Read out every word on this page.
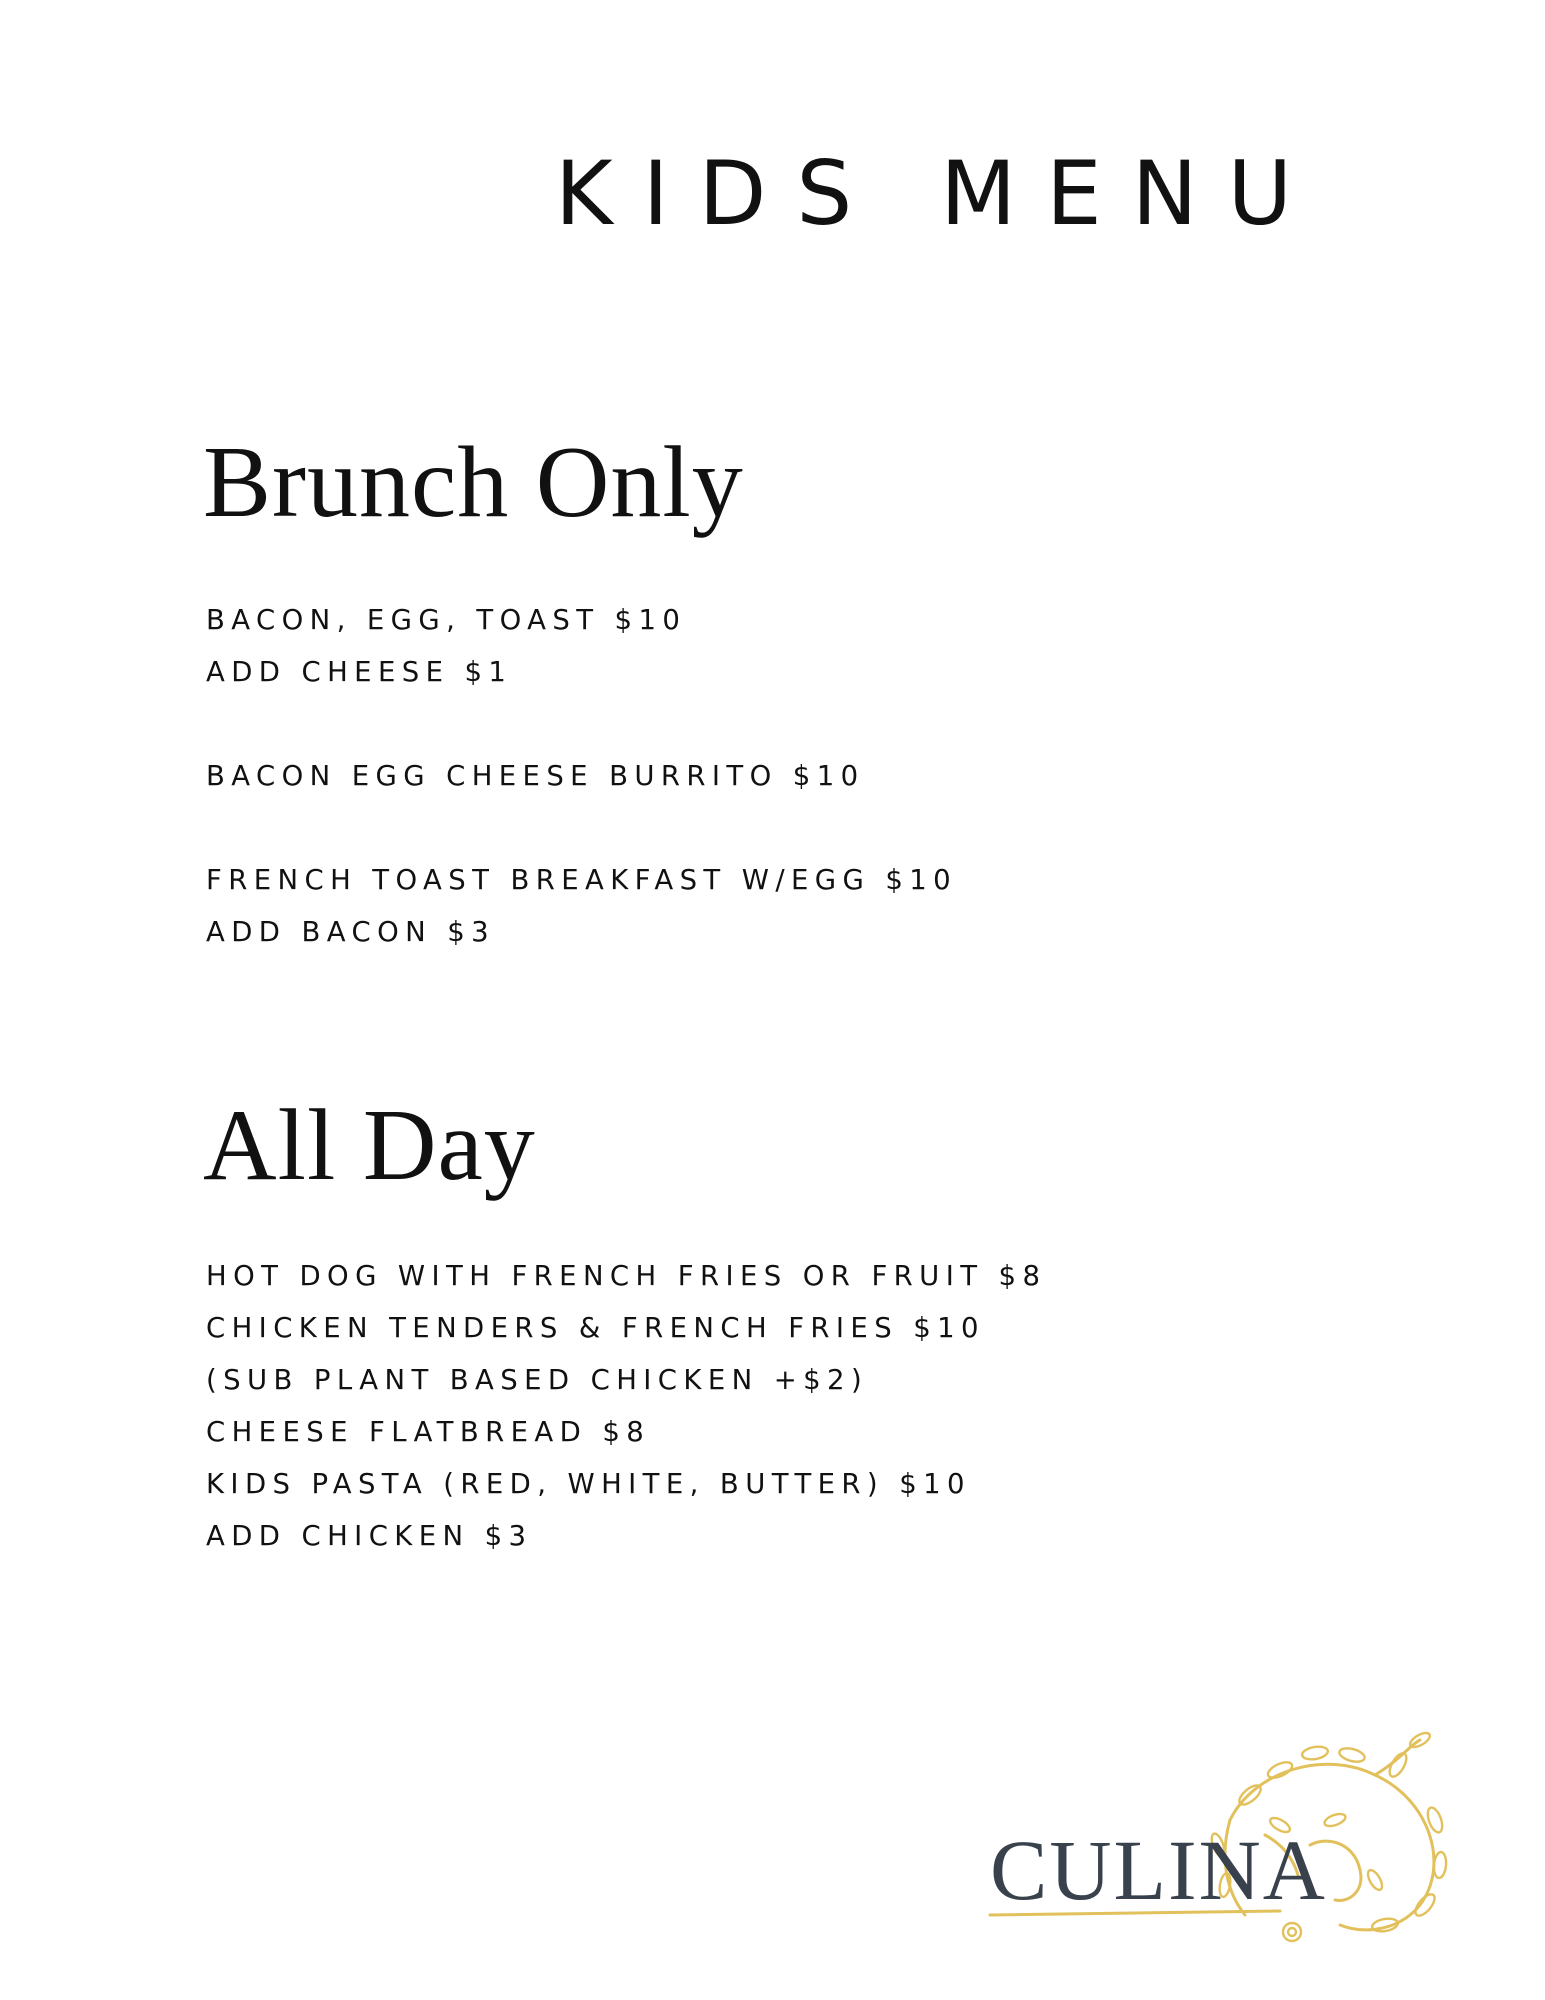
KIDS MENU
Brunch Only
BACON, EGG, TOAST $10
ADD CHEESE $1
BACON EGG CHEESE BURRITO $10
FRENCH TOAST BREAKFAST W/EGG $10
ADD BACON $3
All Day
HOT DOG WITH FRENCH FRIES OR FRUIT $8
CHICKEN TENDERS & FRENCH FRIES $10
(SUB PLANT BASED CHICKEN +$2)
CHEESE FLATBREAD $8
KIDS PASTA (RED, WHITE, BUTTER) $10
ADD CHICKEN $3
CULINA
